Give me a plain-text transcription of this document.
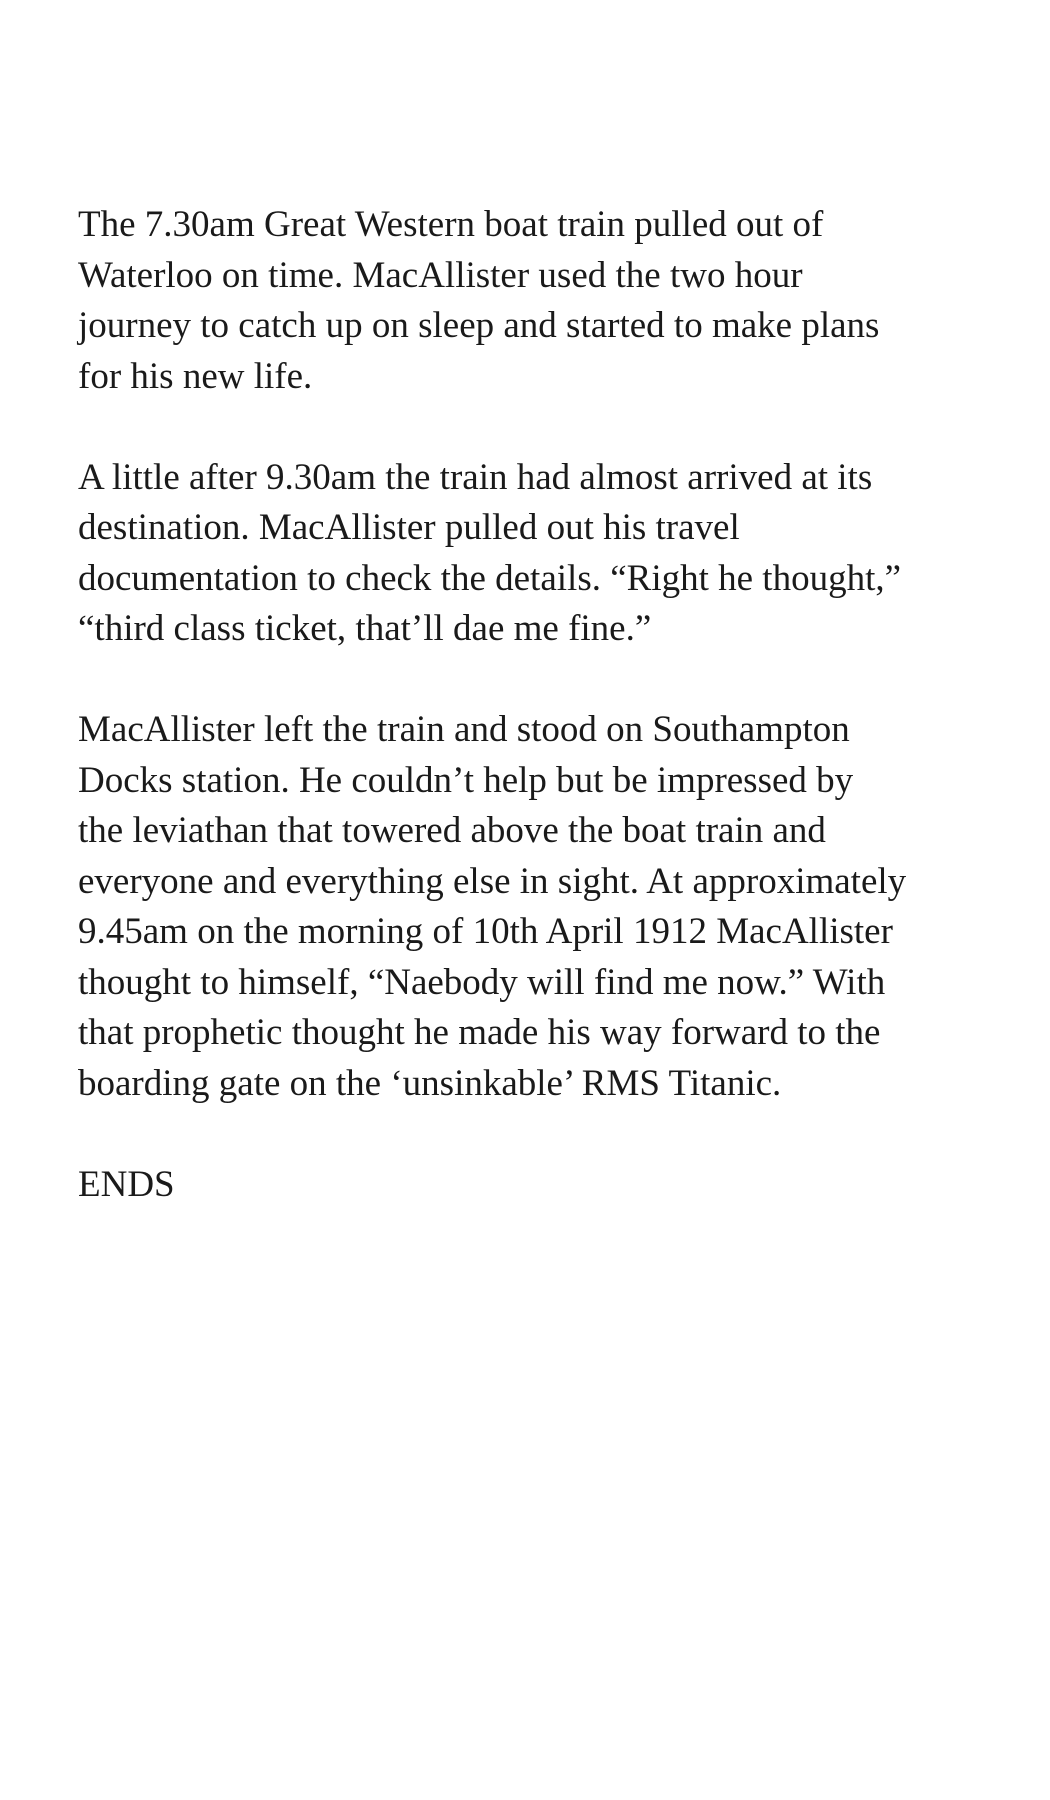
The 7.30am Great Western boat train pulled out of
Waterloo on time. MacAllister used the two hour
journey to catch up on sleep and started to make plans
for his new life.

A little after 9.30am the train had almost arrived at its
destination. MacAllister pulled out his travel
documentation to check the details. “Right he thought,”
“third class ticket, that’ll dae me fine.”

MacAllister left the train and stood on Southampton
Docks station. He couldn’t help but be impressed by
the leviathan that towered above the boat train and
everyone and everything else in sight. At approximately
9.45am on the morning of 10th April 1912 MacAllister
thought to himself, “Naebody will find me now.” With
that prophetic thought he made his way forward to the
boarding gate on the ‘unsinkable’ RMS Titanic.

ENDS
